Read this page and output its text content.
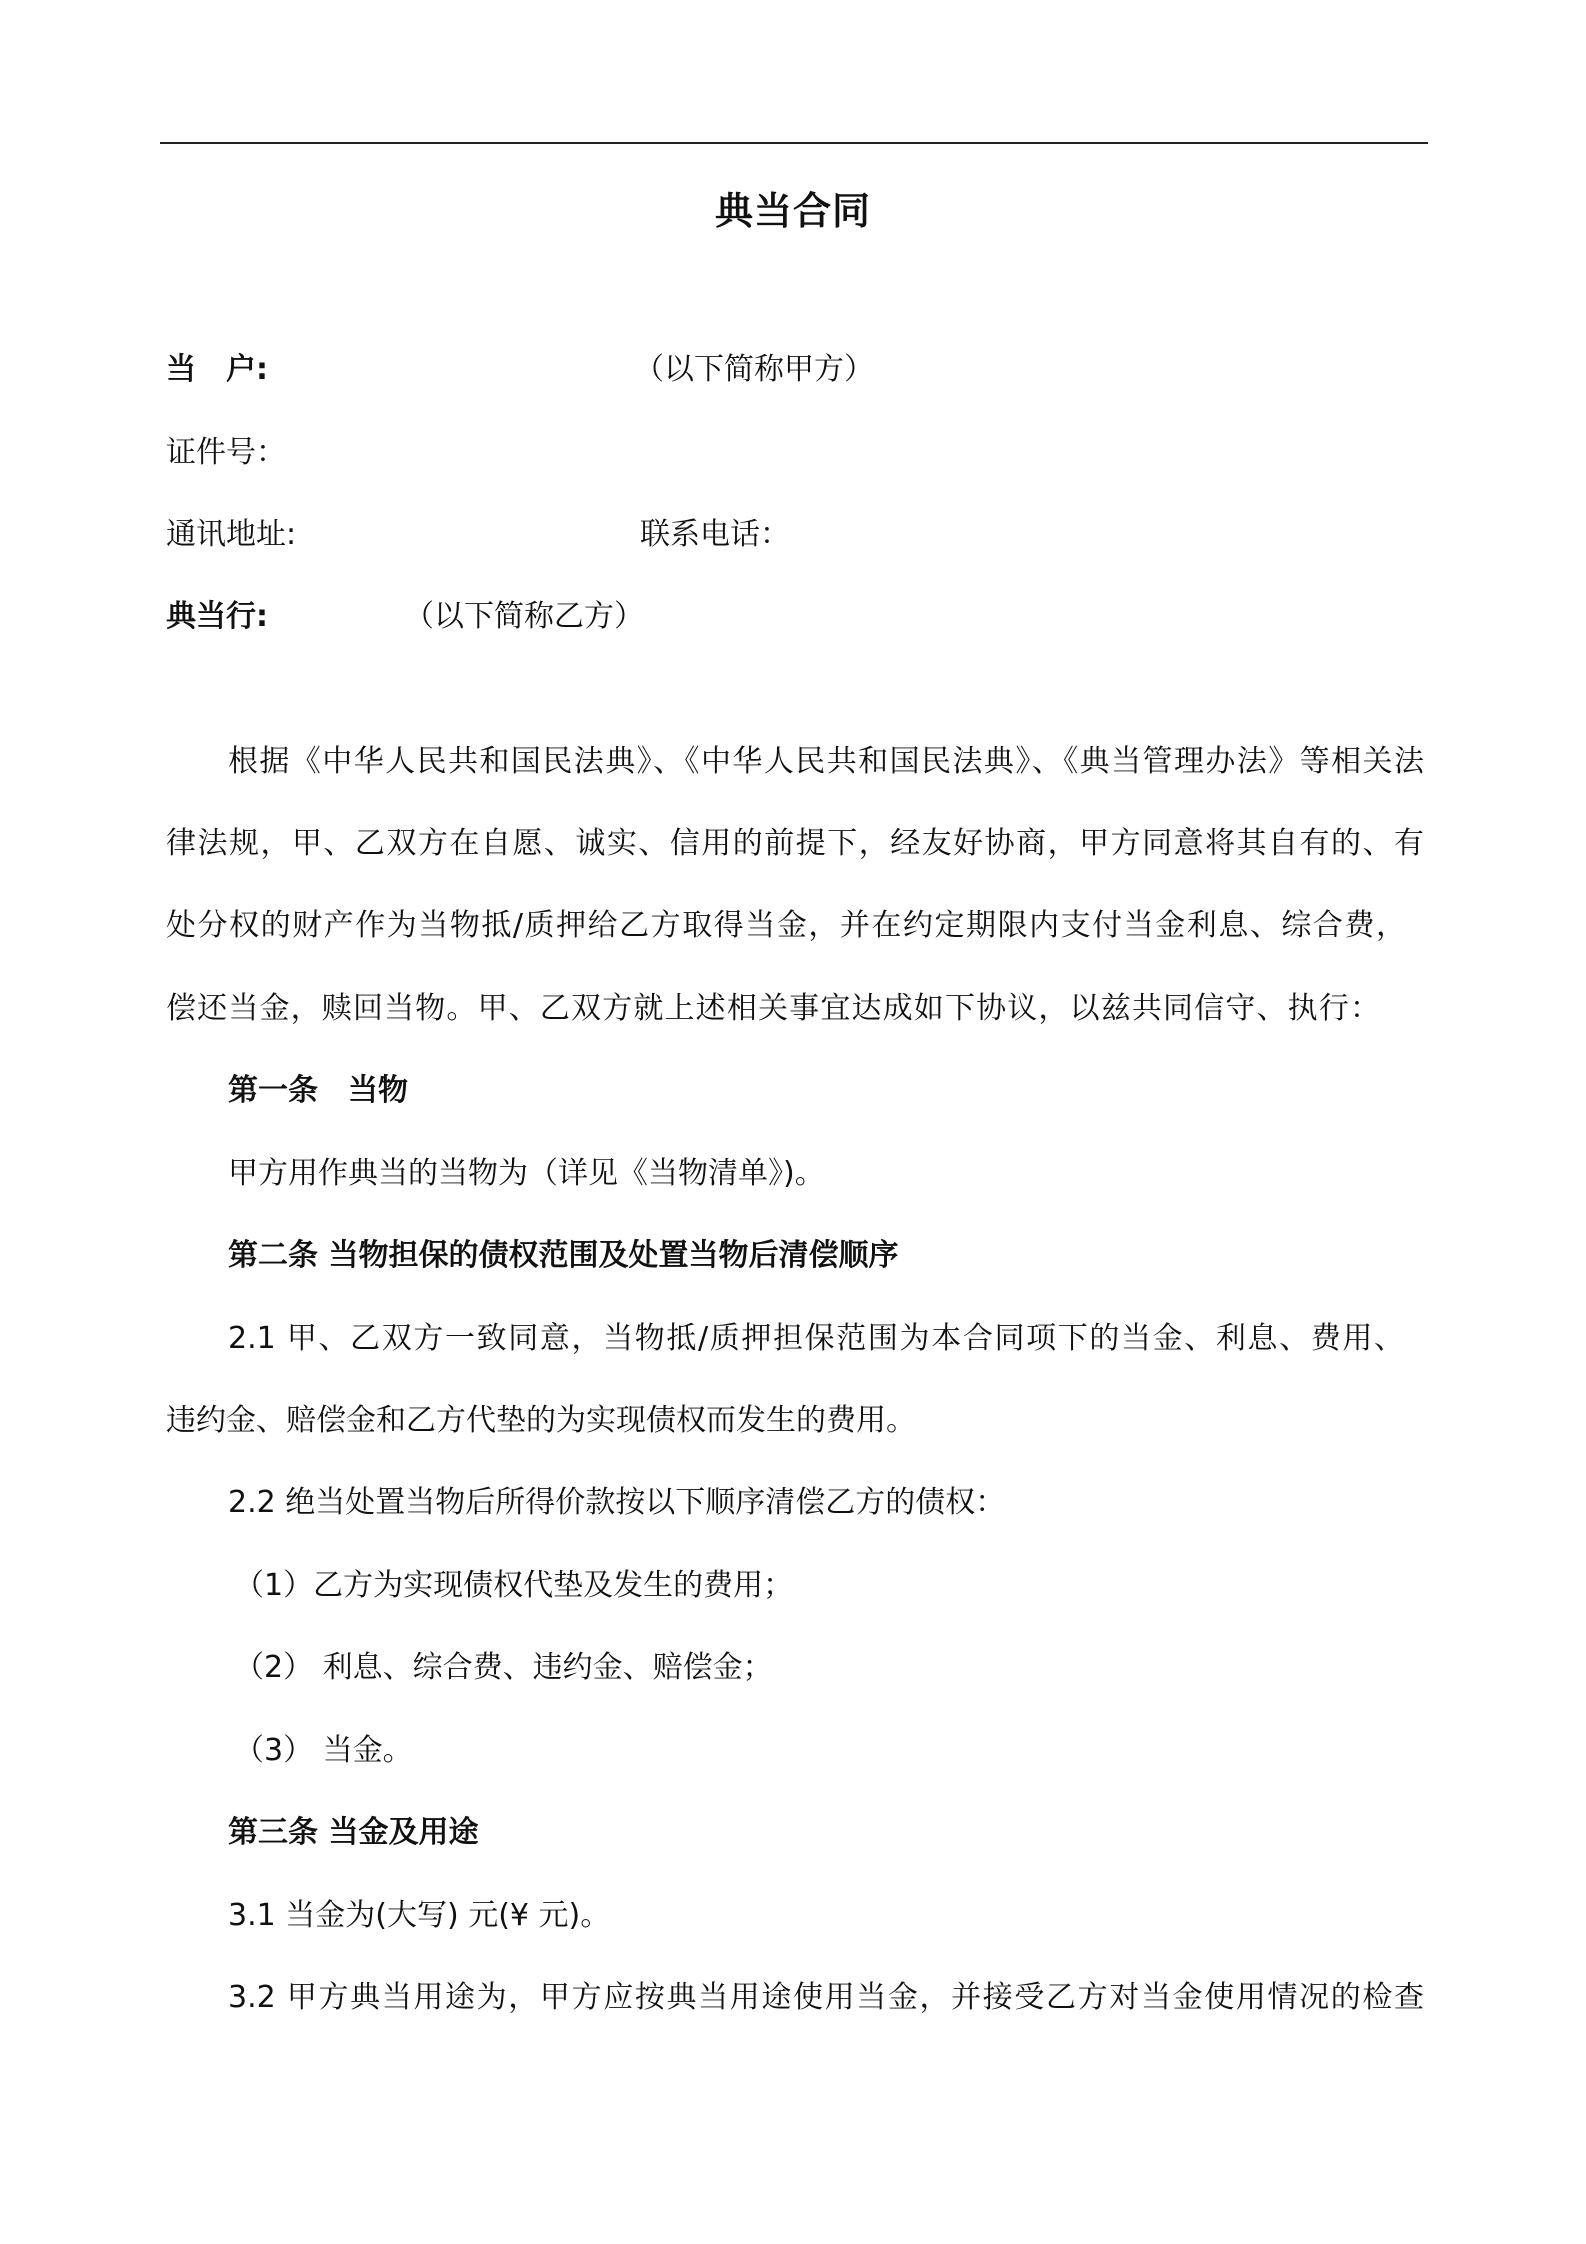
典当合同
当　户:	（以下简称甲方）
证件号：
通讯地址:	联系电话：
典当行:	（以下简称乙方）
根据《中华人民共和国民法典》、《中华人民共和国民法典》、《典当管理办法》等相关法
律法规，甲、乙双方在自愿、诚实、信用的前提下，经友好协商，甲方同意将其自有的、有
处分权的财产作为当物抵/质押给乙方取得当金，并在约定期限内支付当金利息、综合费，
偿还当金，赎回当物。甲、乙双方就上述相关事宜达成如下协议，以兹共同信守、执行：
第一条　当物
甲方用作典当的当物为（详见《当物清单》)。
第二条 当物担保的债权范围及处置当物后清偿顺序
2.1 甲、乙双方一致同意，当物抵/质押担保范围为本合同项下的当金、利息、费用、
违约金、赔偿金和乙方代垫的为实现债权而发生的费用。
2.2 绝当处置当物后所得价款按以下顺序清偿乙方的债权：
（1）乙方为实现债权代垫及发生的费用；
（2） 利息、综合费、违约金、赔偿金；
（3） 当金。
第三条 当金及用途
3.1 当金为(大写) 元(¥ 元)。
3.2 甲方典当用途为，甲方应按典当用途使用当金，并接受乙方对当金使用情况的检查
